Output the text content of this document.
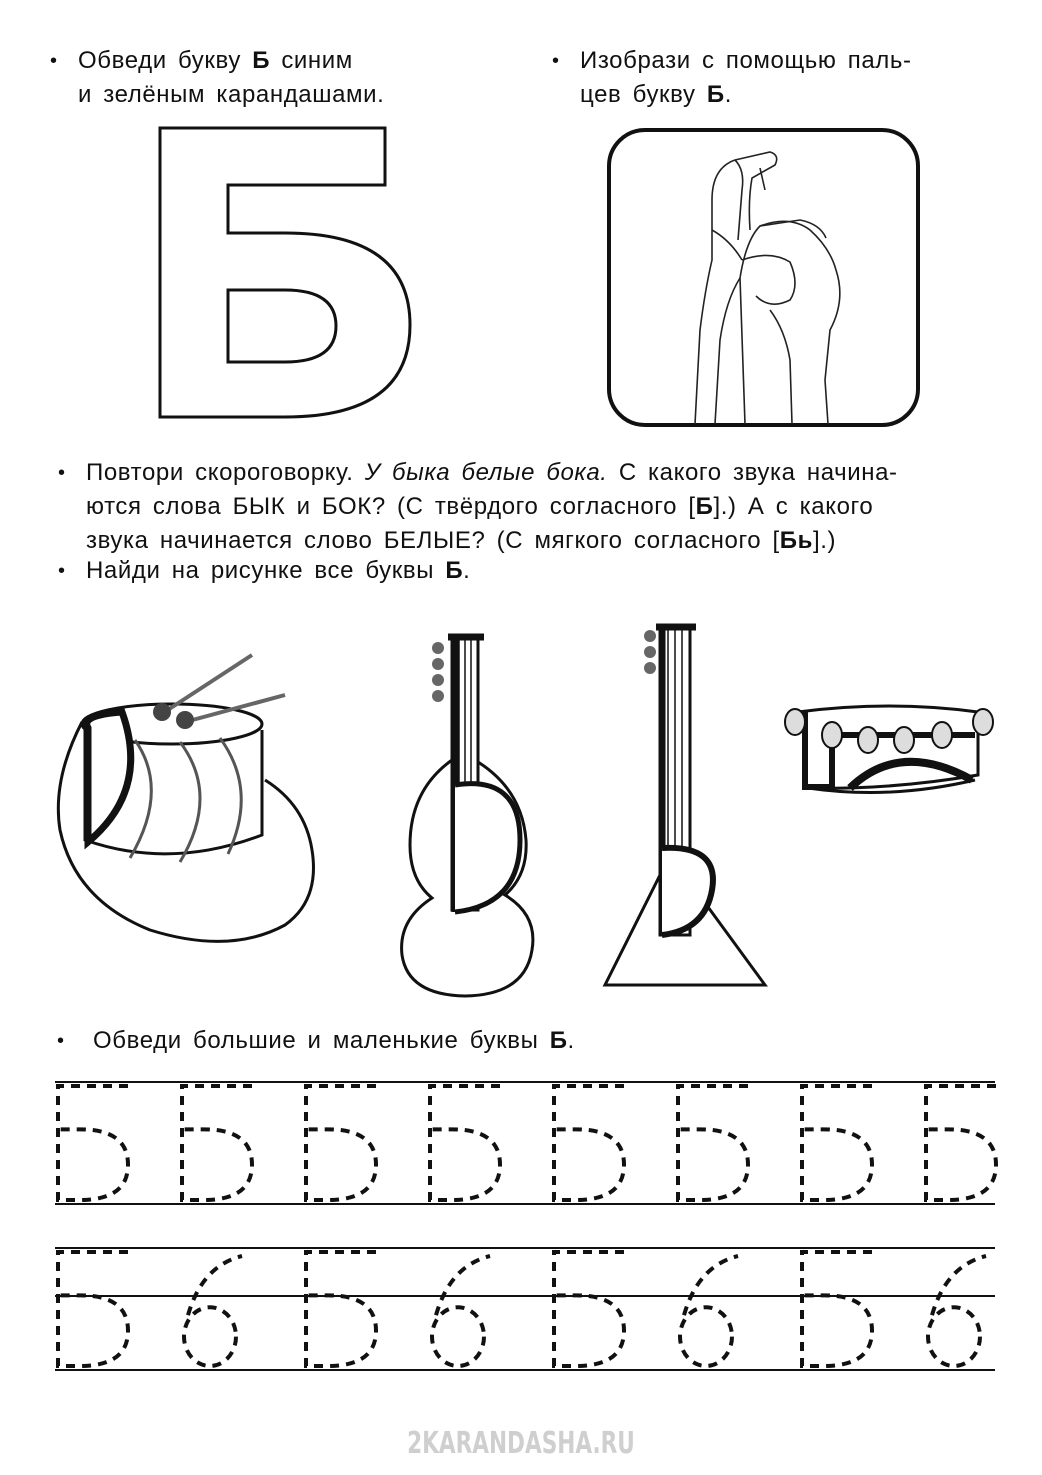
• Обведи букву Б синим
и зелёным карандашами.
• Изобрази с помощью паль-
цев букву Б.
• Повтори скороговорку. У быка белые бока. С какого звука начина-
ются слова БЫК и БОК? (С твёрдого согласного [Б].) А с какого
звука начинается слово БЕЛЫЕ? (С мягкого согласного [Бь].)
• Найди на рисунке все буквы Б.
• Обведи большие и маленькие буквы Б.
2KARANDASHA.RU
